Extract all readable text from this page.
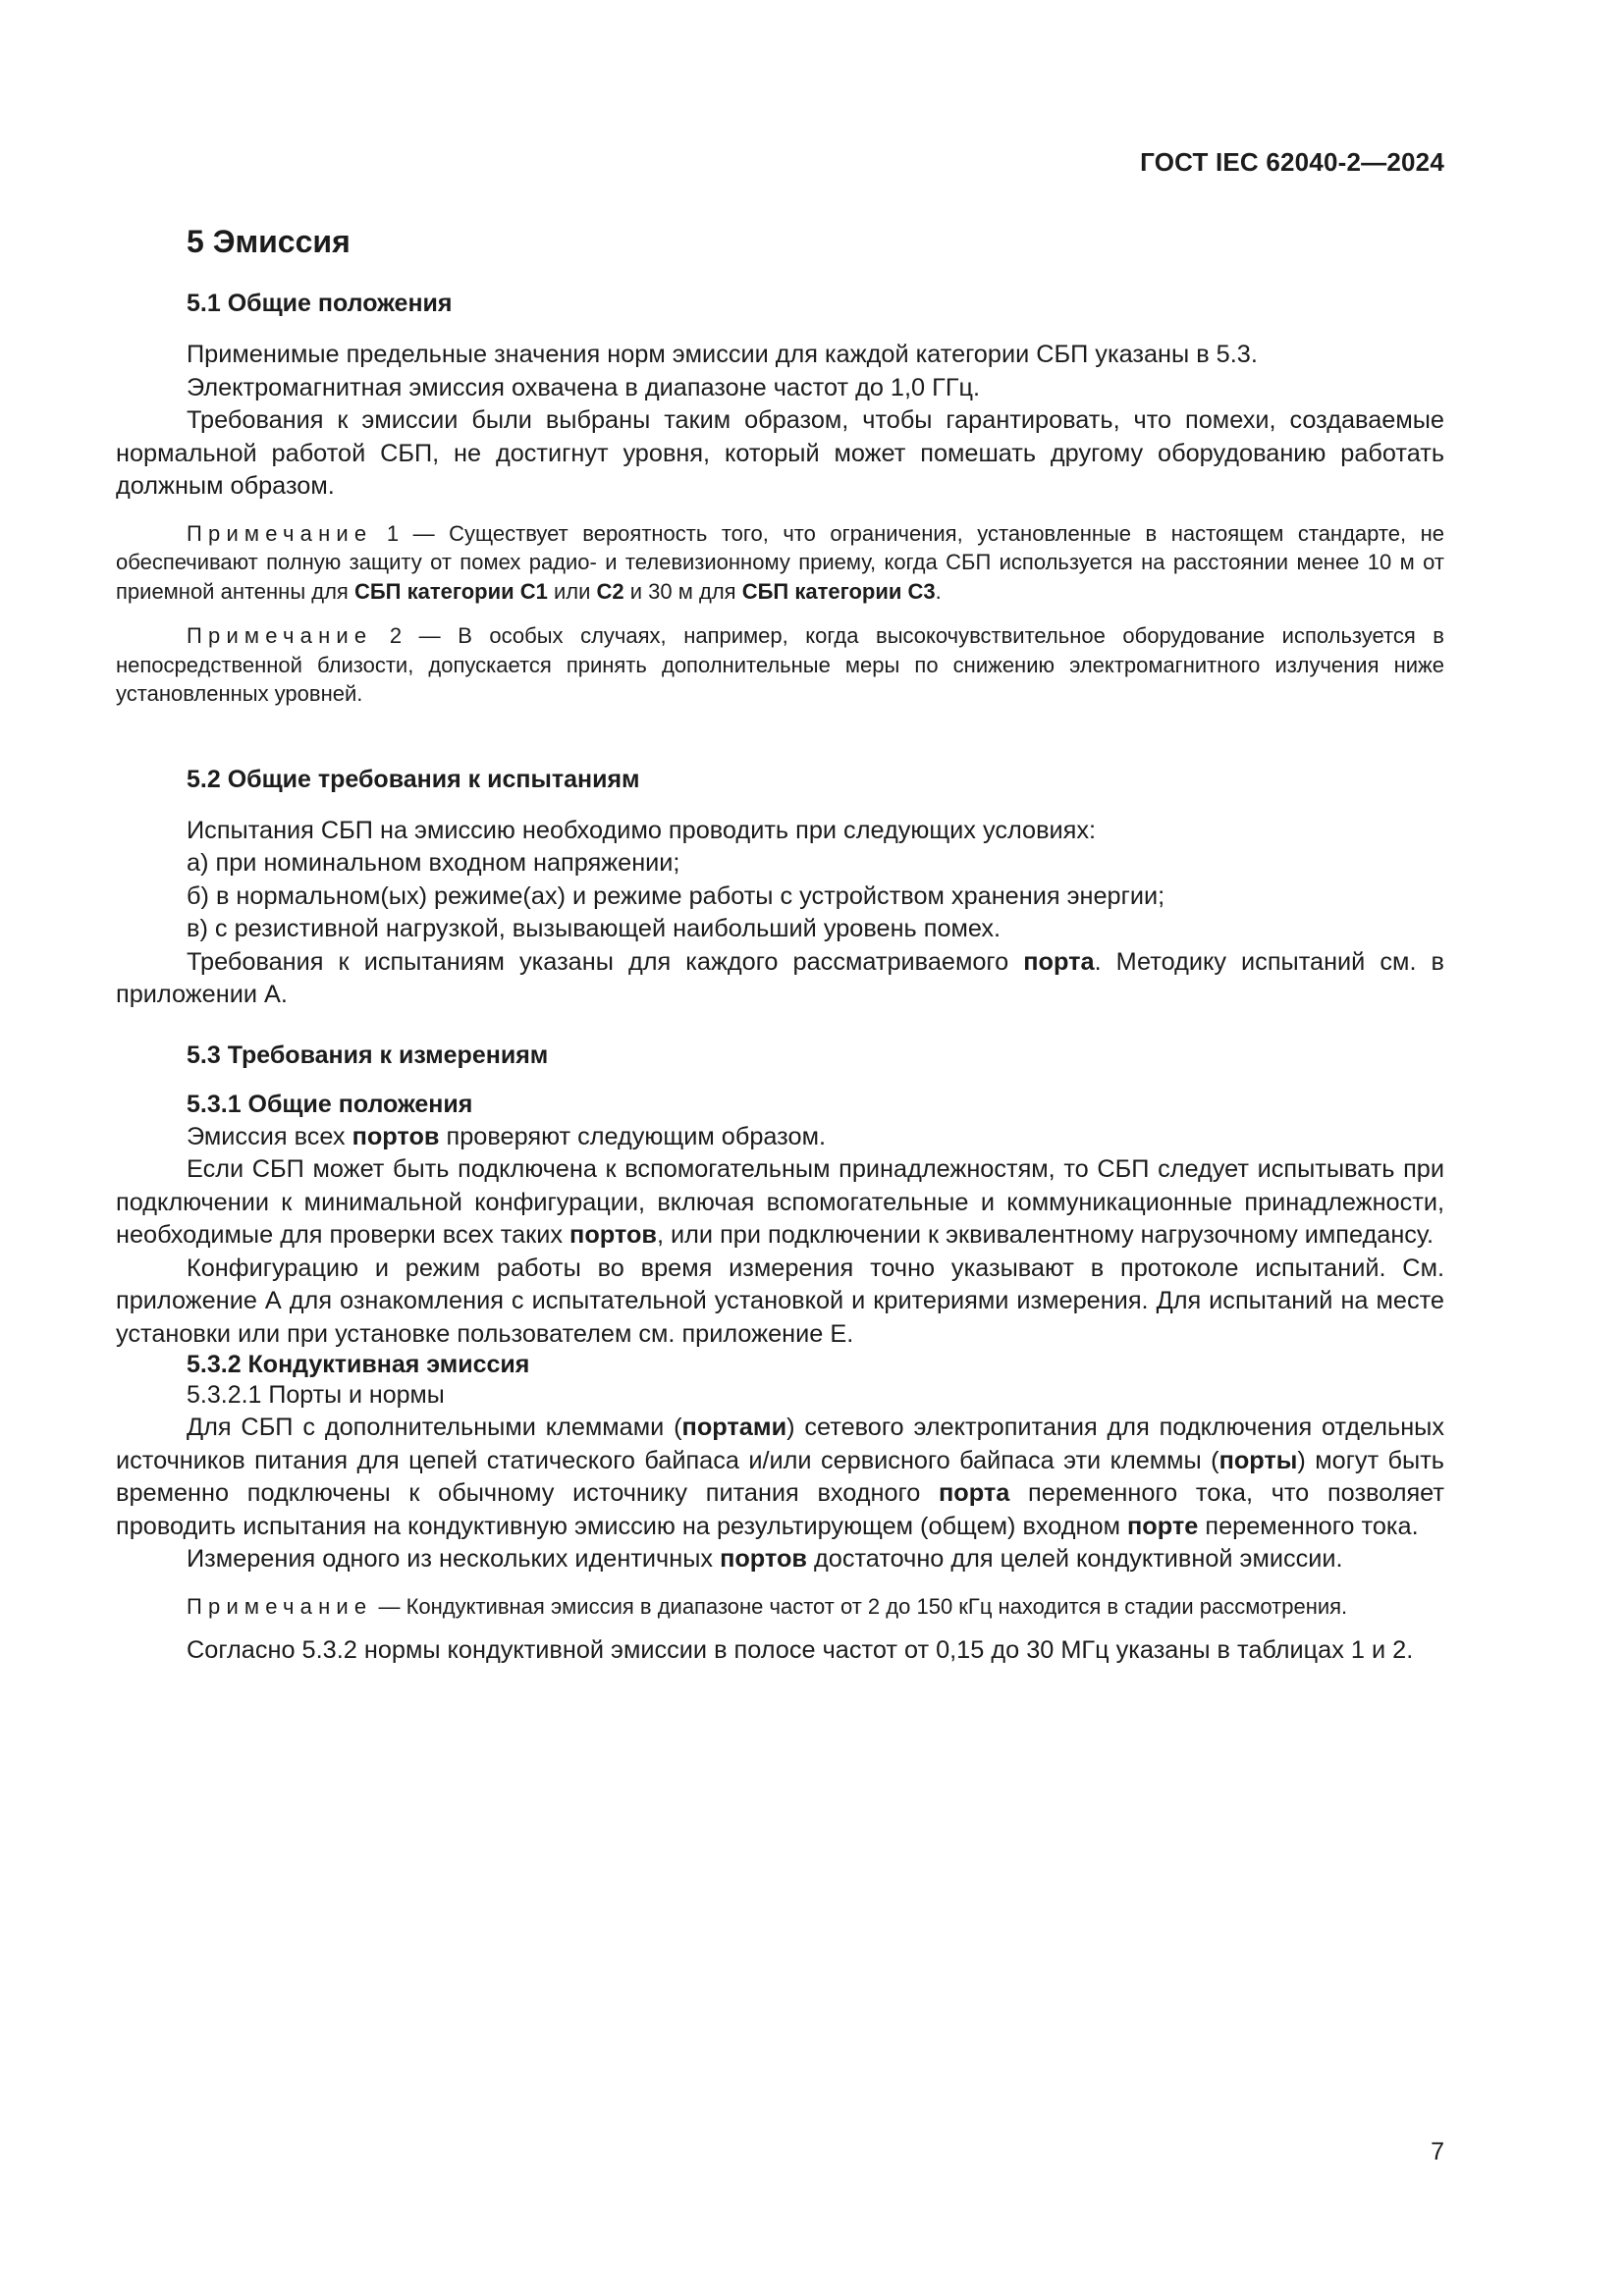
ГОСТ IEC 62040-2—2024
5 Эмиссия
5.1 Общие положения

Применимые предельные значения норм эмиссии для каждой категории СБП указаны в 5.3.

Электромагнитная эмиссия охвачена в диапазоне частот до 1,0 ГГц.

Требования к эмиссии были выбраны таким образом, чтобы гарантировать, что помехи, создаваемые нормальной работой СБП, не достигнут уровня, который может помешать другому оборудованию работать должным образом.

Примечание 1 — Существует вероятность того, что ограничения, установленные в настоящем стандарте, не обеспечивают полную защиту от помех радио- и телевизионному приему, когда СБП используется на расстоянии менее 10 м от приемной антенны для СБП категории С1 или С2 и 30 м для СБП категории С3.

Примечание 2 — В особых случаях, например, когда высокочувствительное оборудование используется в непосредственной близости, допускается принять дополнительные меры по снижению электромагнитного излучения ниже установленных уровней.

5.2 Общие требования к испытаниям

Испытания СБП на эмиссию необходимо проводить при следующих условиях:

а) при номинальном входном напряжении;
б) в нормальном(ых) режиме(ах) и режиме работы с устройством хранения энергии;
в) с резистивной нагрузкой, вызывающей наибольший уровень помех.

Требования к испытаниям указаны для каждого рассматриваемого порта. Методику испытаний см. в приложении А.

5.3 Требования к измерениям
5.3.1 Общие положения

Эмиссия всех портов проверяют следующим образом.

Если СБП может быть подключена к вспомогательным принадлежностям, то СБП следует испытывать при подключении к минимальной конфигурации, включая вспомогательные и коммуникационные принадлежности, необходимые для проверки всех таких портов, или при подключении к эквивалентному нагрузочному импедансу.

Конфигурацию и режим работы во время измерения точно указывают в протоколе испытаний. См. приложение А для ознакомления с испытательной установкой и критериями измерения. Для испытаний на месте установки или при установке пользователем см. приложение Е.

5.3.2 Кондуктивная эмиссия
5.3.2.1 Порты и нормы

Для СБП с дополнительными клеммами (портами) сетевого электропитания для подключения отдельных источников питания для цепей статического байпаса и/или сервисного байпаса эти клеммы (порты) могут быть временно подключены к обычному источнику питания входного порта переменного тока, что позволяет проводить испытания на кондуктивную эмиссию на результирующем (общем) входном порте переменного тока.

Измерения одного из нескольких идентичных портов достаточно для целей кондуктивной эмиссии.

Примечание — Кондуктивная эмиссия в диапазоне частот от 2 до 150 кГц находится в стадии рассмотрения.

Согласно 5.3.2 нормы кондуктивной эмиссии в полосе частот от 0,15 до 30 МГц указаны в таблицах 1 и 2.

7
